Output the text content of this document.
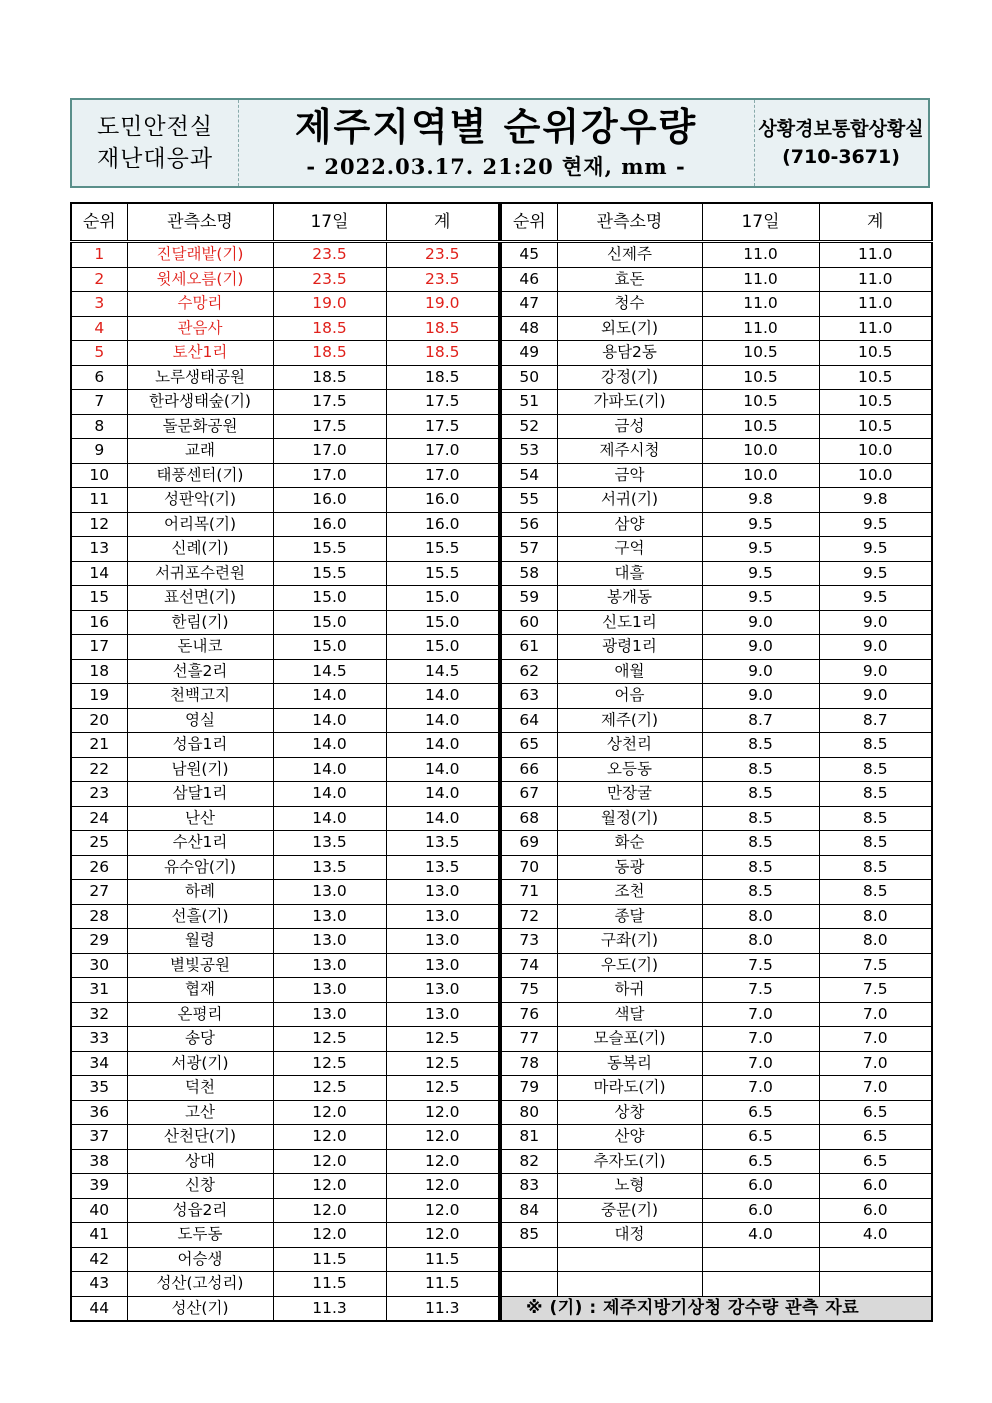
도민안전실
재난대응과
제주지역별 순위강우량
- 2022.03.17. 21:20 현재, mm -
상황경보통합상황실
(710-3671)
순위	관측소명	17일	계
1	진달래밭(기)	23.5	23.5
2	윗세오름(기)	23.5	23.5
3	수망리	19.0	19.0
4	관음사	18.5	18.5
5	토산1리	18.5	18.5
6	노루생태공원	18.5	18.5
7	한라생태숲(기)	17.5	17.5
8	돌문화공원	17.5	17.5
9	교래	17.0	17.0
10	태풍센터(기)	17.0	17.0
11	성판악(기)	16.0	16.0
12	어리목(기)	16.0	16.0
13	신례(기)	15.5	15.5
14	서귀포수련원	15.5	15.5
15	표선면(기)	15.0	15.0
16	한림(기)	15.0	15.0
17	돈내코	15.0	15.0
18	선흘2리	14.5	14.5
19	천백고지	14.0	14.0
20	영실	14.0	14.0
21	성읍1리	14.0	14.0
22	남원(기)	14.0	14.0
23	삼달1리	14.0	14.0
24	난산	14.0	14.0
25	수산1리	13.5	13.5
26	유수암(기)	13.5	13.5
27	하례	13.0	13.0
28	선흘(기)	13.0	13.0
29	월령	13.0	13.0
30	별빛공원	13.0	13.0
31	협재	13.0	13.0
32	온평리	13.0	13.0
33	송당	12.5	12.5
34	서광(기)	12.5	12.5
35	덕천	12.5	12.5
36	고산	12.0	12.0
37	산천단(기)	12.0	12.0
38	상대	12.0	12.0
39	신창	12.0	12.0
40	성읍2리	12.0	12.0
41	도두동	12.0	12.0
42	어승생	11.5	11.5
43	성산(고성리)	11.5	11.5
44	성산(기)	11.3	11.3
순위	관측소명	17일	계
45	신제주	11.0	11.0
46	효돈	11.0	11.0
47	청수	11.0	11.0
48	외도(기)	11.0	11.0
49	용담2동	10.5	10.5
50	강정(기)	10.5	10.5
51	가파도(기)	10.5	10.5
52	금성	10.5	10.5
53	제주시청	10.0	10.0
54	금악	10.0	10.0
55	서귀(기)	9.8	9.8
56	삼양	9.5	9.5
57	구억	9.5	9.5
58	대흘	9.5	9.5
59	봉개동	9.5	9.5
60	신도1리	9.0	9.0
61	광령1리	9.0	9.0
62	애월	9.0	9.0
63	어음	9.0	9.0
64	제주(기)	8.7	8.7
65	상천리	8.5	8.5
66	오등동	8.5	8.5
67	만장굴	8.5	8.5
68	월정(기)	8.5	8.5
69	화순	8.5	8.5
70	동광	8.5	8.5
71	조천	8.5	8.5
72	종달	8.0	8.0
73	구좌(기)	8.0	8.0
74	우도(기)	7.5	7.5
75	하귀	7.5	7.5
76	색달	7.0	7.0
77	모슬포(기)	7.0	7.0
78	동복리	7.0	7.0
79	마라도(기)	7.0	7.0
80	상창	6.5	6.5
81	산양	6.5	6.5
82	추자도(기)	6.5	6.5
83	노형	6.0	6.0
84	중문(기)	6.0	6.0
85	대정	4.0	4.0

※ (기) : 제주지방기상청 강수량 관측 자료			
